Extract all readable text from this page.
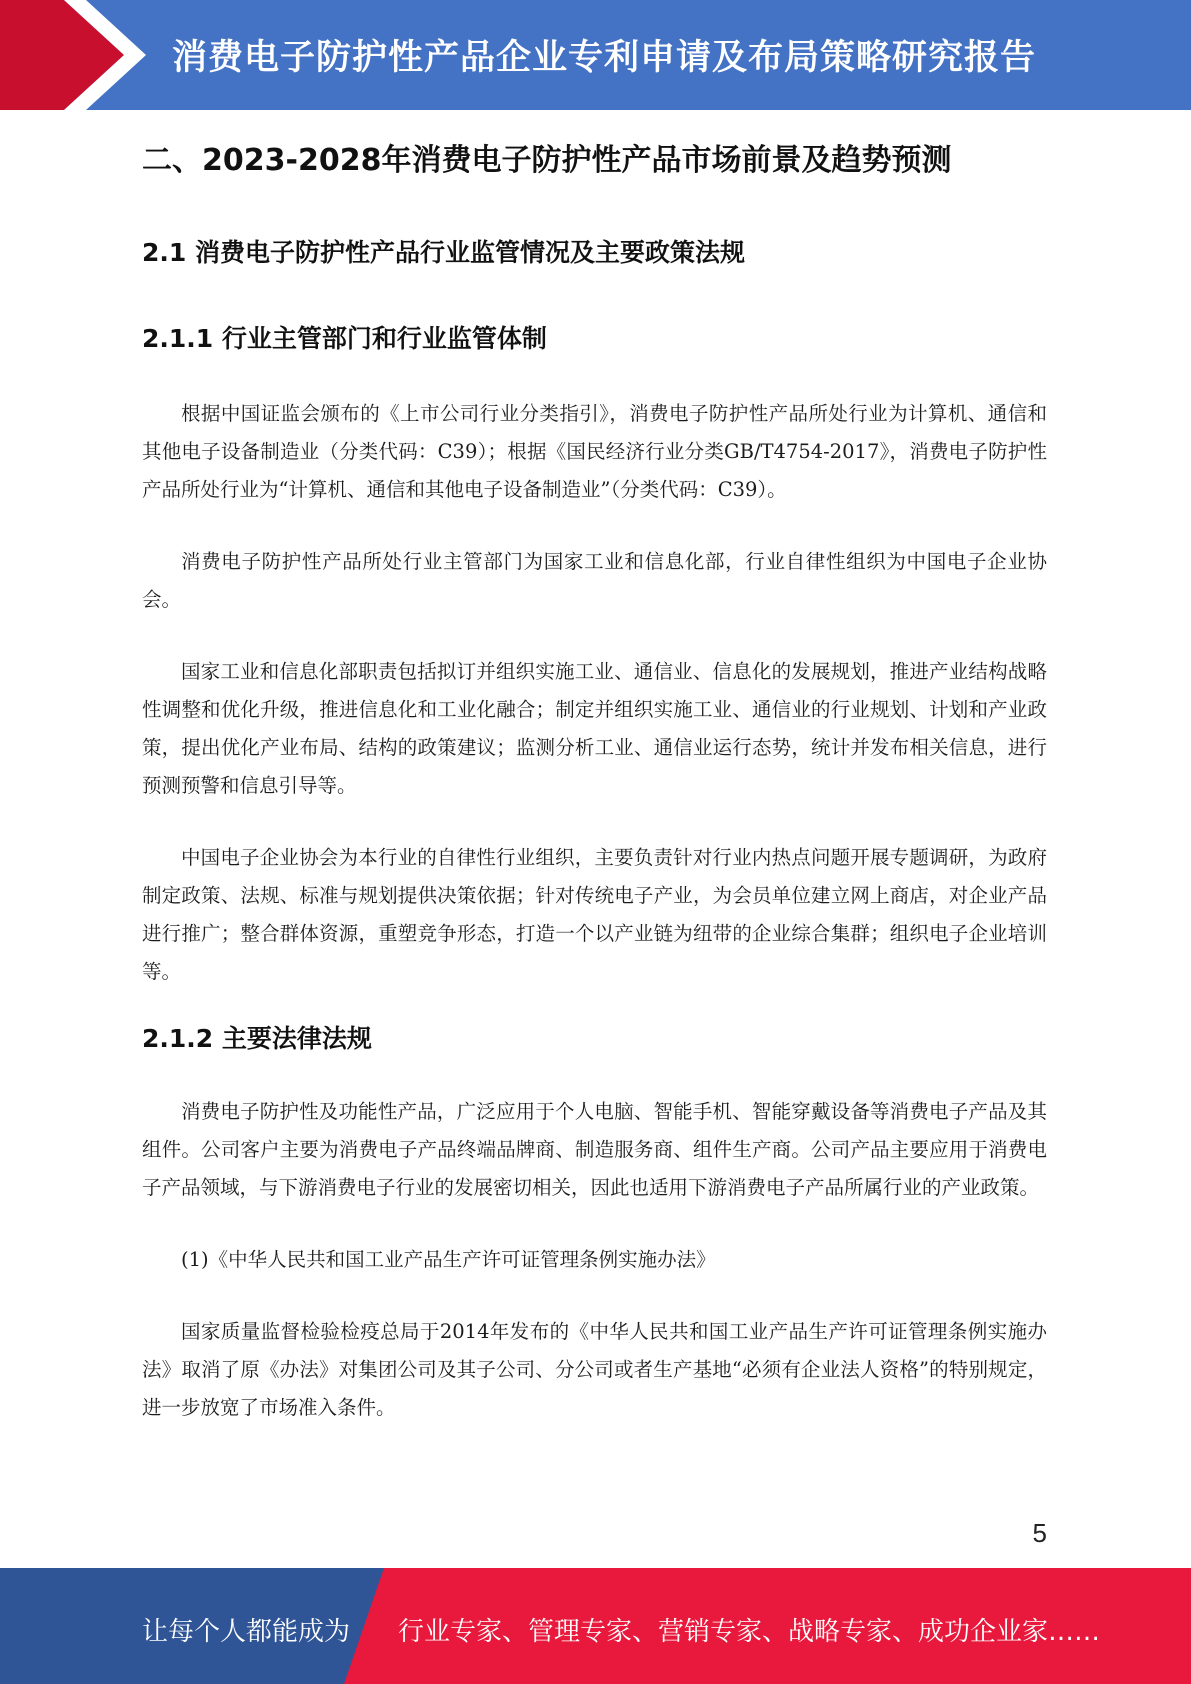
消费电子防护性产品企业专利申请及布局策略研究报告
二、2023-2028年消费电子防护性产品市场前景及趋势预测
2.1 消费电子防护性产品行业监管情况及主要政策法规
2.1.1 行业主管部门和行业监管体制

根据中国证监会颁布的《上市公司行业分类指引》，消费电子防护性产品所处行业为计算机、通信和其他电子设备制造业（分类代码：C39）；根据《国民经济行业分类GB/T4754-2017》，消费电子防护性产品所处行业为“计算机、通信和其他电子设备制造业”（分类代码：C39）。

消费电子防护性产品所处行业主管部门为国家工业和信息化部，行业自律性组织为中国电子企业协会。

国家工业和信息化部职责包括拟订并组织实施工业、通信业、信息化的发展规划，推进产业结构战略性调整和优化升级，推进信息化和工业化融合；制定并组织实施工业、通信业的行业规划、计划和产业政策，提出优化产业布局、结构的政策建议；监测分析工业、通信业运行态势，统计并发布相关信息，进行预测预警和信息引导等。

中国电子企业协会为本行业的自律性行业组织，主要负责针对行业内热点问题开展专题调研，为政府制定政策、法规、标准与规划提供决策依据；针对传统电子产业，为会员单位建立网上商店，对企业产品进行推广；整合群体资源，重塑竞争形态，打造一个以产业链为纽带的企业综合集群；组织电子企业培训等。

2.1.2 主要法律法规

消费电子防护性及功能性产品，广泛应用于个人电脑、智能手机、智能穿戴设备等消费电子产品及其组件。公司客户主要为消费电子产品终端品牌商、制造服务商、组件生产商。公司产品主要应用于消费电子产品领域，与下游消费电子行业的发展密切相关，因此也适用下游消费电子产品所属行业的产业政策。

(1)《中华人民共和国工业产品生产许可证管理条例实施办法》

国家质量监督检验检疫总局于2014年发布的《中华人民共和国工业产品生产许可证管理条例实施办法》取消了原《办法》对集团公司及其子公司、分公司或者生产基地“必须有企业法人资格”的特别规定，进一步放宽了市场准入条件。

5
让每个人都能成为 行业专家、管理专家、营销专家、战略专家、成功企业家……
